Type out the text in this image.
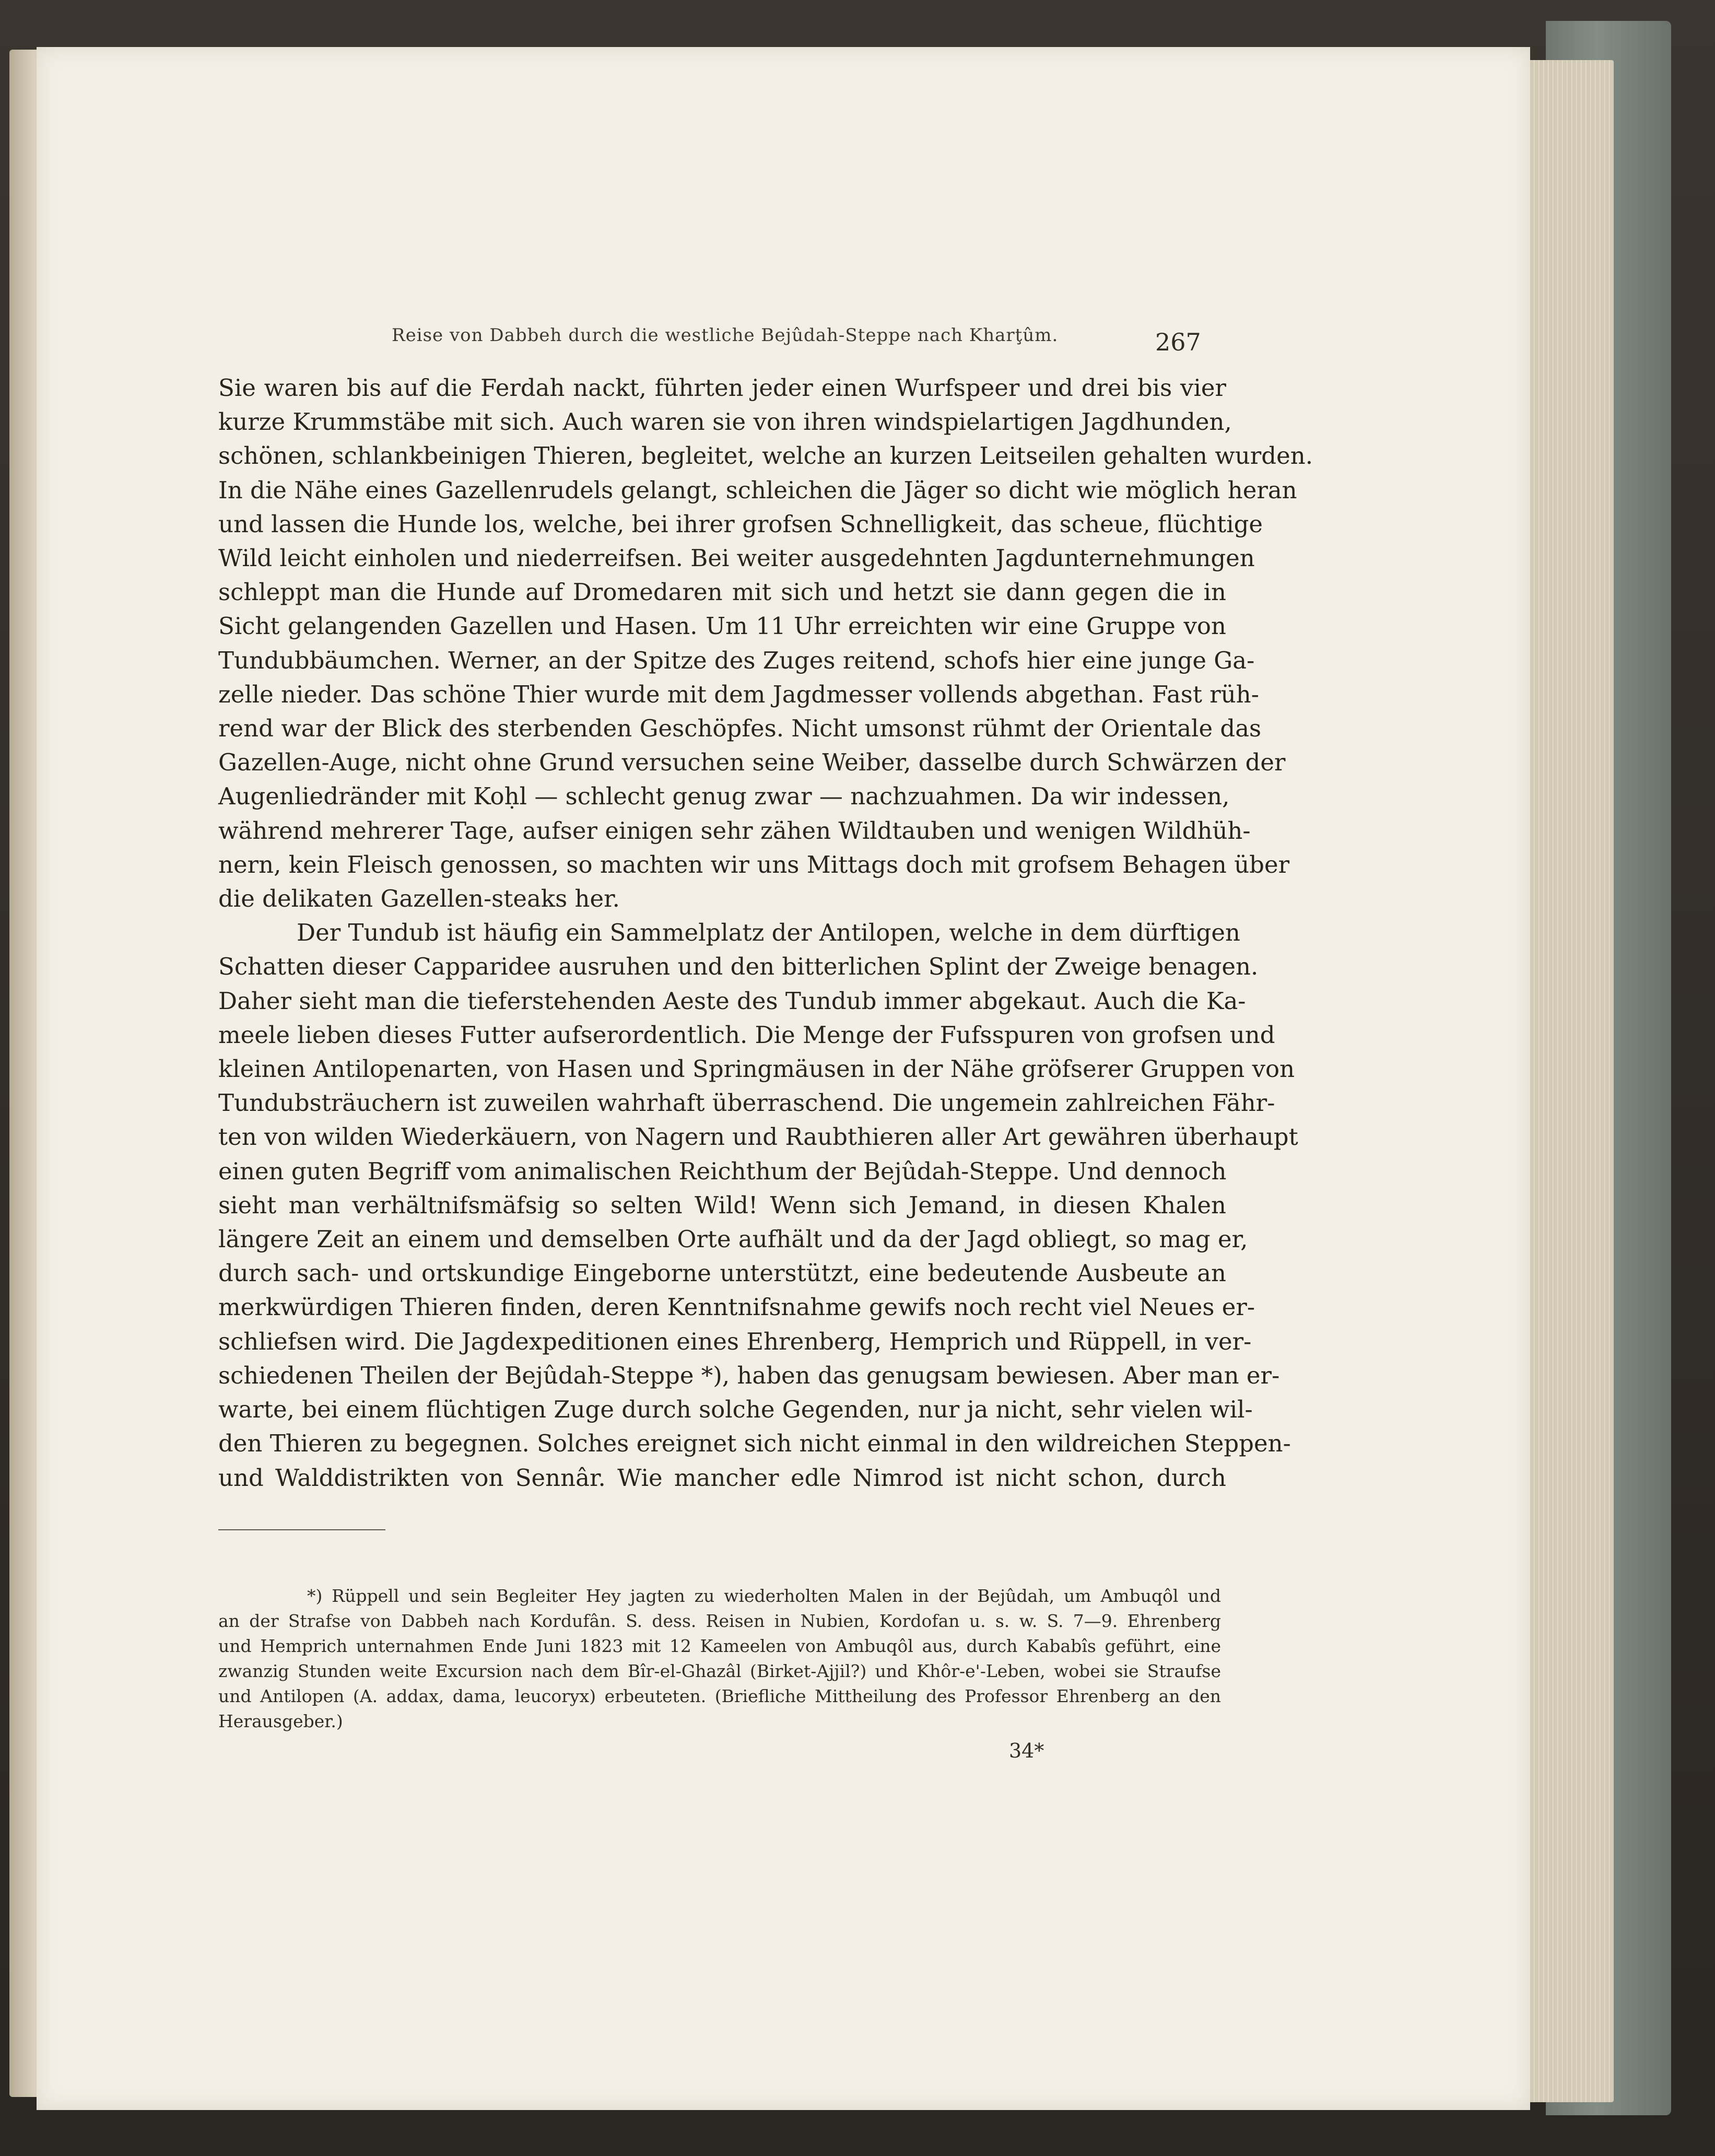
Reise von Dabbeh durch die westliche Bejûdah-Steppe nach Kharţûm.	267
Sie waren bis auf die Ferdah nackt, führten jeder einen Wurfspeer und drei bis vier
kurze Krummstäbe mit sich. Auch waren sie von ihren windspielartigen Jagdhunden,
schönen, schlankbeinigen Thieren, begleitet, welche an kurzen Leitseilen gehalten wurden.
In die Nähe eines Gazellenrudels gelangt, schleichen die Jäger so dicht wie möglich heran
und lassen die Hunde los, welche, bei ihrer grofsen Schnelligkeit, das scheue, flüchtige
Wild leicht einholen und niederreifsen. Bei weiter ausgedehnten Jagdunternehmungen
schleppt man die Hunde auf Dromedaren mit sich und hetzt sie dann gegen die in
Sicht gelangenden Gazellen und Hasen. Um 11 Uhr erreichten wir eine Gruppe von
Tundubbäumchen. Werner, an der Spitze des Zuges reitend, schofs hier eine junge Ga-
zelle nieder. Das schöne Thier wurde mit dem Jagdmesser vollends abgethan. Fast rüh-
rend war der Blick des sterbenden Geschöpfes. Nicht umsonst rühmt der Orientale das
Gazellen-Auge, nicht ohne Grund versuchen seine Weiber, dasselbe durch Schwärzen der
Augenliedränder mit Koḥl — schlecht genug zwar — nachzuahmen. Da wir indessen,
während mehrerer Tage, aufser einigen sehr zähen Wildtauben und wenigen Wildhüh-
nern, kein Fleisch genossen, so machten wir uns Mittags doch mit grofsem Behagen über
die delikaten Gazellen-steaks her.
Der Tundub ist häufig ein Sammelplatz der Antilopen, welche in dem dürftigen
Schatten dieser Capparidee ausruhen und den bitterlichen Splint der Zweige benagen.
Daher sieht man die tieferstehenden Aeste des Tundub immer abgekaut. Auch die Ka-
meele lieben dieses Futter aufserordentlich. Die Menge der Fufsspuren von grofsen und
kleinen Antilopenarten, von Hasen und Springmäusen in der Nähe gröfserer Gruppen von
Tundubsträuchern ist zuweilen wahrhaft überraschend. Die ungemein zahlreichen Fähr-
ten von wilden Wiederkäuern, von Nagern und Raubthieren aller Art gewähren überhaupt
einen guten Begriff vom animalischen Reichthum der Bejûdah-Steppe. Und dennoch
sieht man verhältnifsmäfsig so selten Wild! Wenn sich Jemand, in diesen Khalen
längere Zeit an einem und demselben Orte aufhält und da der Jagd obliegt, so mag er,
durch sach- und ortskundige Eingeborne unterstützt, eine bedeutende Ausbeute an
merkwürdigen Thieren finden, deren Kenntnifsnahme gewifs noch recht viel Neues er-
schliefsen wird. Die Jagdexpeditionen eines Ehrenberg, Hemprich und Rüppell, in ver-
schiedenen Theilen der Bejûdah-Steppe *), haben das genugsam bewiesen. Aber man er-
warte, bei einem flüchtigen Zuge durch solche Gegenden, nur ja nicht, sehr vielen wil-
den Thieren zu begegnen. Solches ereignet sich nicht einmal in den wildreichen Steppen-
und Walddistrikten von Sennâr. Wie mancher edle Nimrod ist nicht schon, durch
*) Rüppell und sein Begleiter Hey jagten zu wiederholten Malen in der Bejûdah, um Ambuqôl und
an der Strafse von Dabbeh nach Kordufân. S. dess. Reisen in Nubien, Kordofan u. s. w. S. 7—9. Ehrenberg
und Hemprich unternahmen Ende Juni 1823 mit 12 Kameelen von Ambuqôl aus, durch Kababîs geführt, eine
zwanzig Stunden weite Excursion nach dem Bîr-el-Ghazâl (Birket-Ajjil?) und Khôr-e'-Leben, wobei sie Straufse
und Antilopen (A. addax, dama, leucoryx) erbeuteten. (Briefliche Mittheilung des Professor Ehrenberg an den
Herausgeber.)
34*
